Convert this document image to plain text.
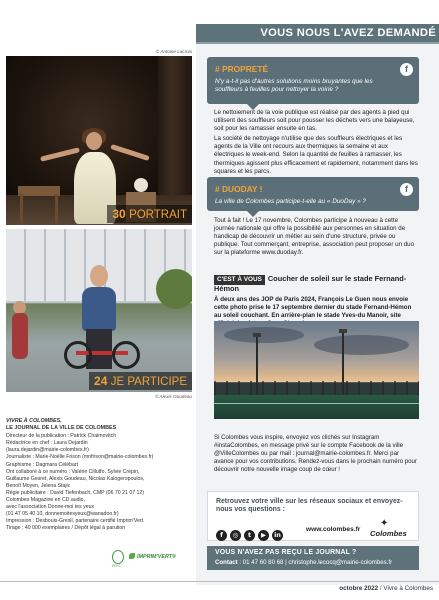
© Antoine Lacroix
30 PORTRAIT
24 JE PARTICIPE
© Alexis Goudeau
VIVRE À COLOMBES,
LE JOURNAL DE LA VILLE DE COLOMBES
Directeur de la publication : Patrick Chaimovitch
Rédactrice en chef : Laura Dejardin
(laura.dejardin@mairie-colombes.fr)
Journaliste : Marie-Noëlle Frison (mnfrison@mairie-colombes.fr)
Graphisme : Dagmara Célébart
Ont collaboré à ce numéro : Valérie Cillutfo, Sylvie Crépin,
Guillaume Gesret, Alexis Goudeau, Nicolas Kalogeropoulos,
Benoît Moyen, Jelena Stajic
Régie publicitaire : David Tiefenbach, CMP (06 70 21 07 12)
Colombes Magazine en CD audio,
avec l'association Donne-moi tes yeux
(01 47 05 40 10, donnemoitesyeux@wanadoo.fr)
Impression : Desbouis-Gresil, partenaire certifié Imprim'Vert.
Tirage : 40 000 exemplaires / Dépôt légal à parution
PEFC
IMPRIM'VERT®
VOUS NOUS L'AVEZ DEMANDÉ
# PROPRETÉ
N'y a-t-il pas d'autres solutions moins bruyantes que les souffleurs à feuilles pour nettoyer la voirie ?
f

Le nettoiement de la voie publique est réalisé par des agents à pied qui utilisent des souffleurs soit pour pousser les déchets vers une balayeuse, soit pour les ramasser ensuite en tas.

La société de nettoyage n'utilise que des souffleurs électriques et les agents de la Ville ont recours aux thermiques la semaine et aux électriques le week-end. Selon la quantité de feuilles à ramasser, les thermiques agissent plus efficacement et rapidement, notamment dans les squares et les parcs.

# DUODAY !
La ville de Colombes participe-t-elle au « DuoDay » ?
f

Tout à fait ! Le 17 novembre, Colombes participe à nouveau à cette journée nationale qui offre la possibilité aux personnes en situation de handicap de découvrir un métier au sein d'une structure, privée ou publique. Tout commerçant, entreprise, association peut proposer un duo sur la plateforme www.duoday.fr.

C'EST À VOUS Coucher de soleil sur le stade Fernand-Hémon

À deux ans des JOP de Paris 2024, François Le Guen nous envoie cette photo prise le 17 septembre dernier du stade Fernand-Hémon au soleil couchant. En arrière-plan le stade Yves-du Manoir, site

Si Colombes vous inspire, envoyez vos clichés sur Instagram #instaColombes, en message privé sur le compte Facebook de la ville @VilleColombes ou par mail : journal@mairie-colombes.fr. Merci par avance pour vos contributions. Rendez-vous dans le prochain numéro pour découvrir notre nouvelle image coup de cœur !
Retrouvez votre ville sur les réseaux sociaux et envoyez-nous vos questions :
f ◎ t ▶ in
www.colombes.fr
✦
Colombes
VOUS N'AVEZ PAS REÇU LE JOURNAL ?
Contact : 01 47 60 80 68 | christophe.lecocq@mairie-colombes.fr
octobre 2022 / Vivre à Colombes
